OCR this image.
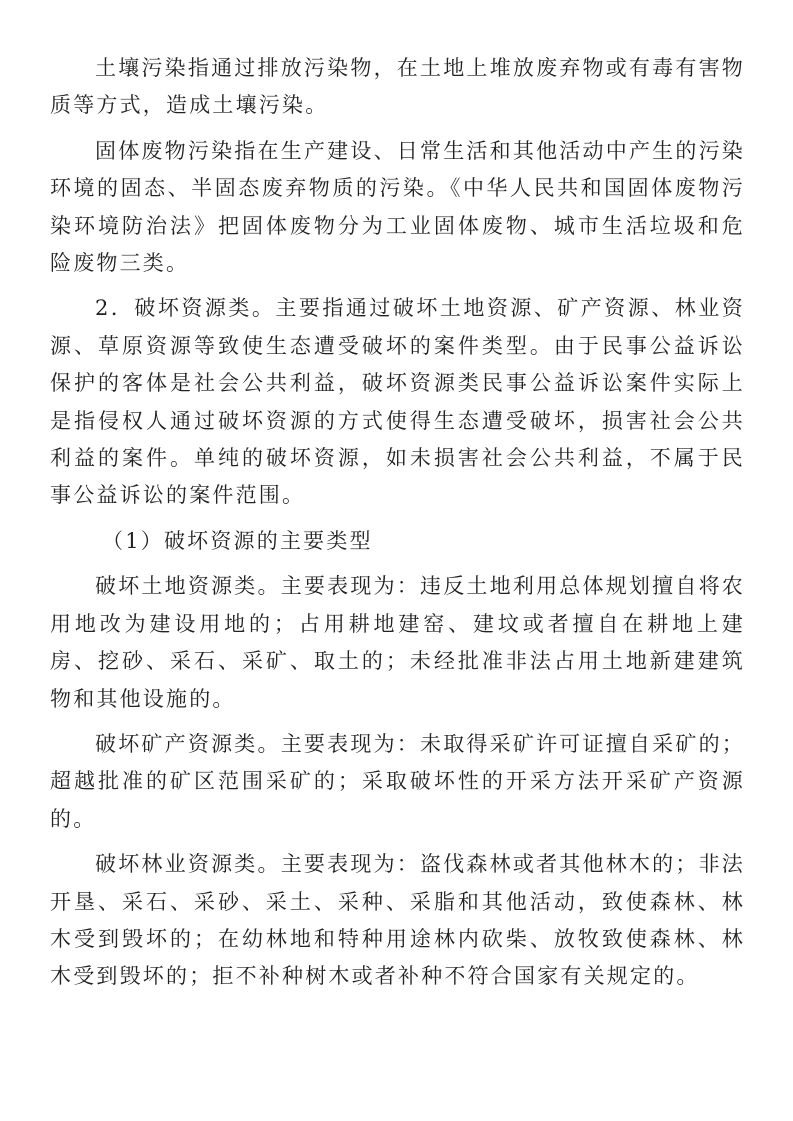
土壤污染指通过排放污染物，在土地上堆放废弃物或有毒有害物质等方式，造成土壤污染。

固体废物污染指在生产建设、日常生活和其他活动中产生的污染环境的固态、半固态废弃物质的污染。《中华人民共和国固体废物污染环境防治法》把固体废物分为工业固体废物、城市生活垃圾和危险废物三类。

2．破坏资源类。主要指通过破坏土地资源、矿产资源、林业资源、草原资源等致使生态遭受破坏的案件类型。由于民事公益诉讼保护的客体是社会公共利益，破坏资源类民事公益诉讼案件实际上是指侵权人通过破坏资源的方式使得生态遭受破坏，损害社会公共利益的案件。单纯的破坏资源，如未损害社会公共利益，不属于民事公益诉讼的案件范围。

（1）破坏资源的主要类型

破坏土地资源类。主要表现为：违反土地利用总体规划擅自将农用地改为建设用地的；占用耕地建窑、建坟或者擅自在耕地上建房、挖砂、采石、采矿、取土的；未经批准非法占用土地新建建筑物和其他设施的。

破坏矿产资源类。主要表现为：未取得采矿许可证擅自采矿的；超越批准的矿区范围采矿的；采取破坏性的开采方法开采矿产资源的。

破坏林业资源类。主要表现为：盗伐森林或者其他林木的；非法开垦、采石、采砂、采土、采种、采脂和其他活动，致使森林、林木受到毁坏的；在幼林地和特种用途林内砍柴、放牧致使森林、林木受到毁坏的；拒不补种树木或者补种不符合国家有关规定的。
